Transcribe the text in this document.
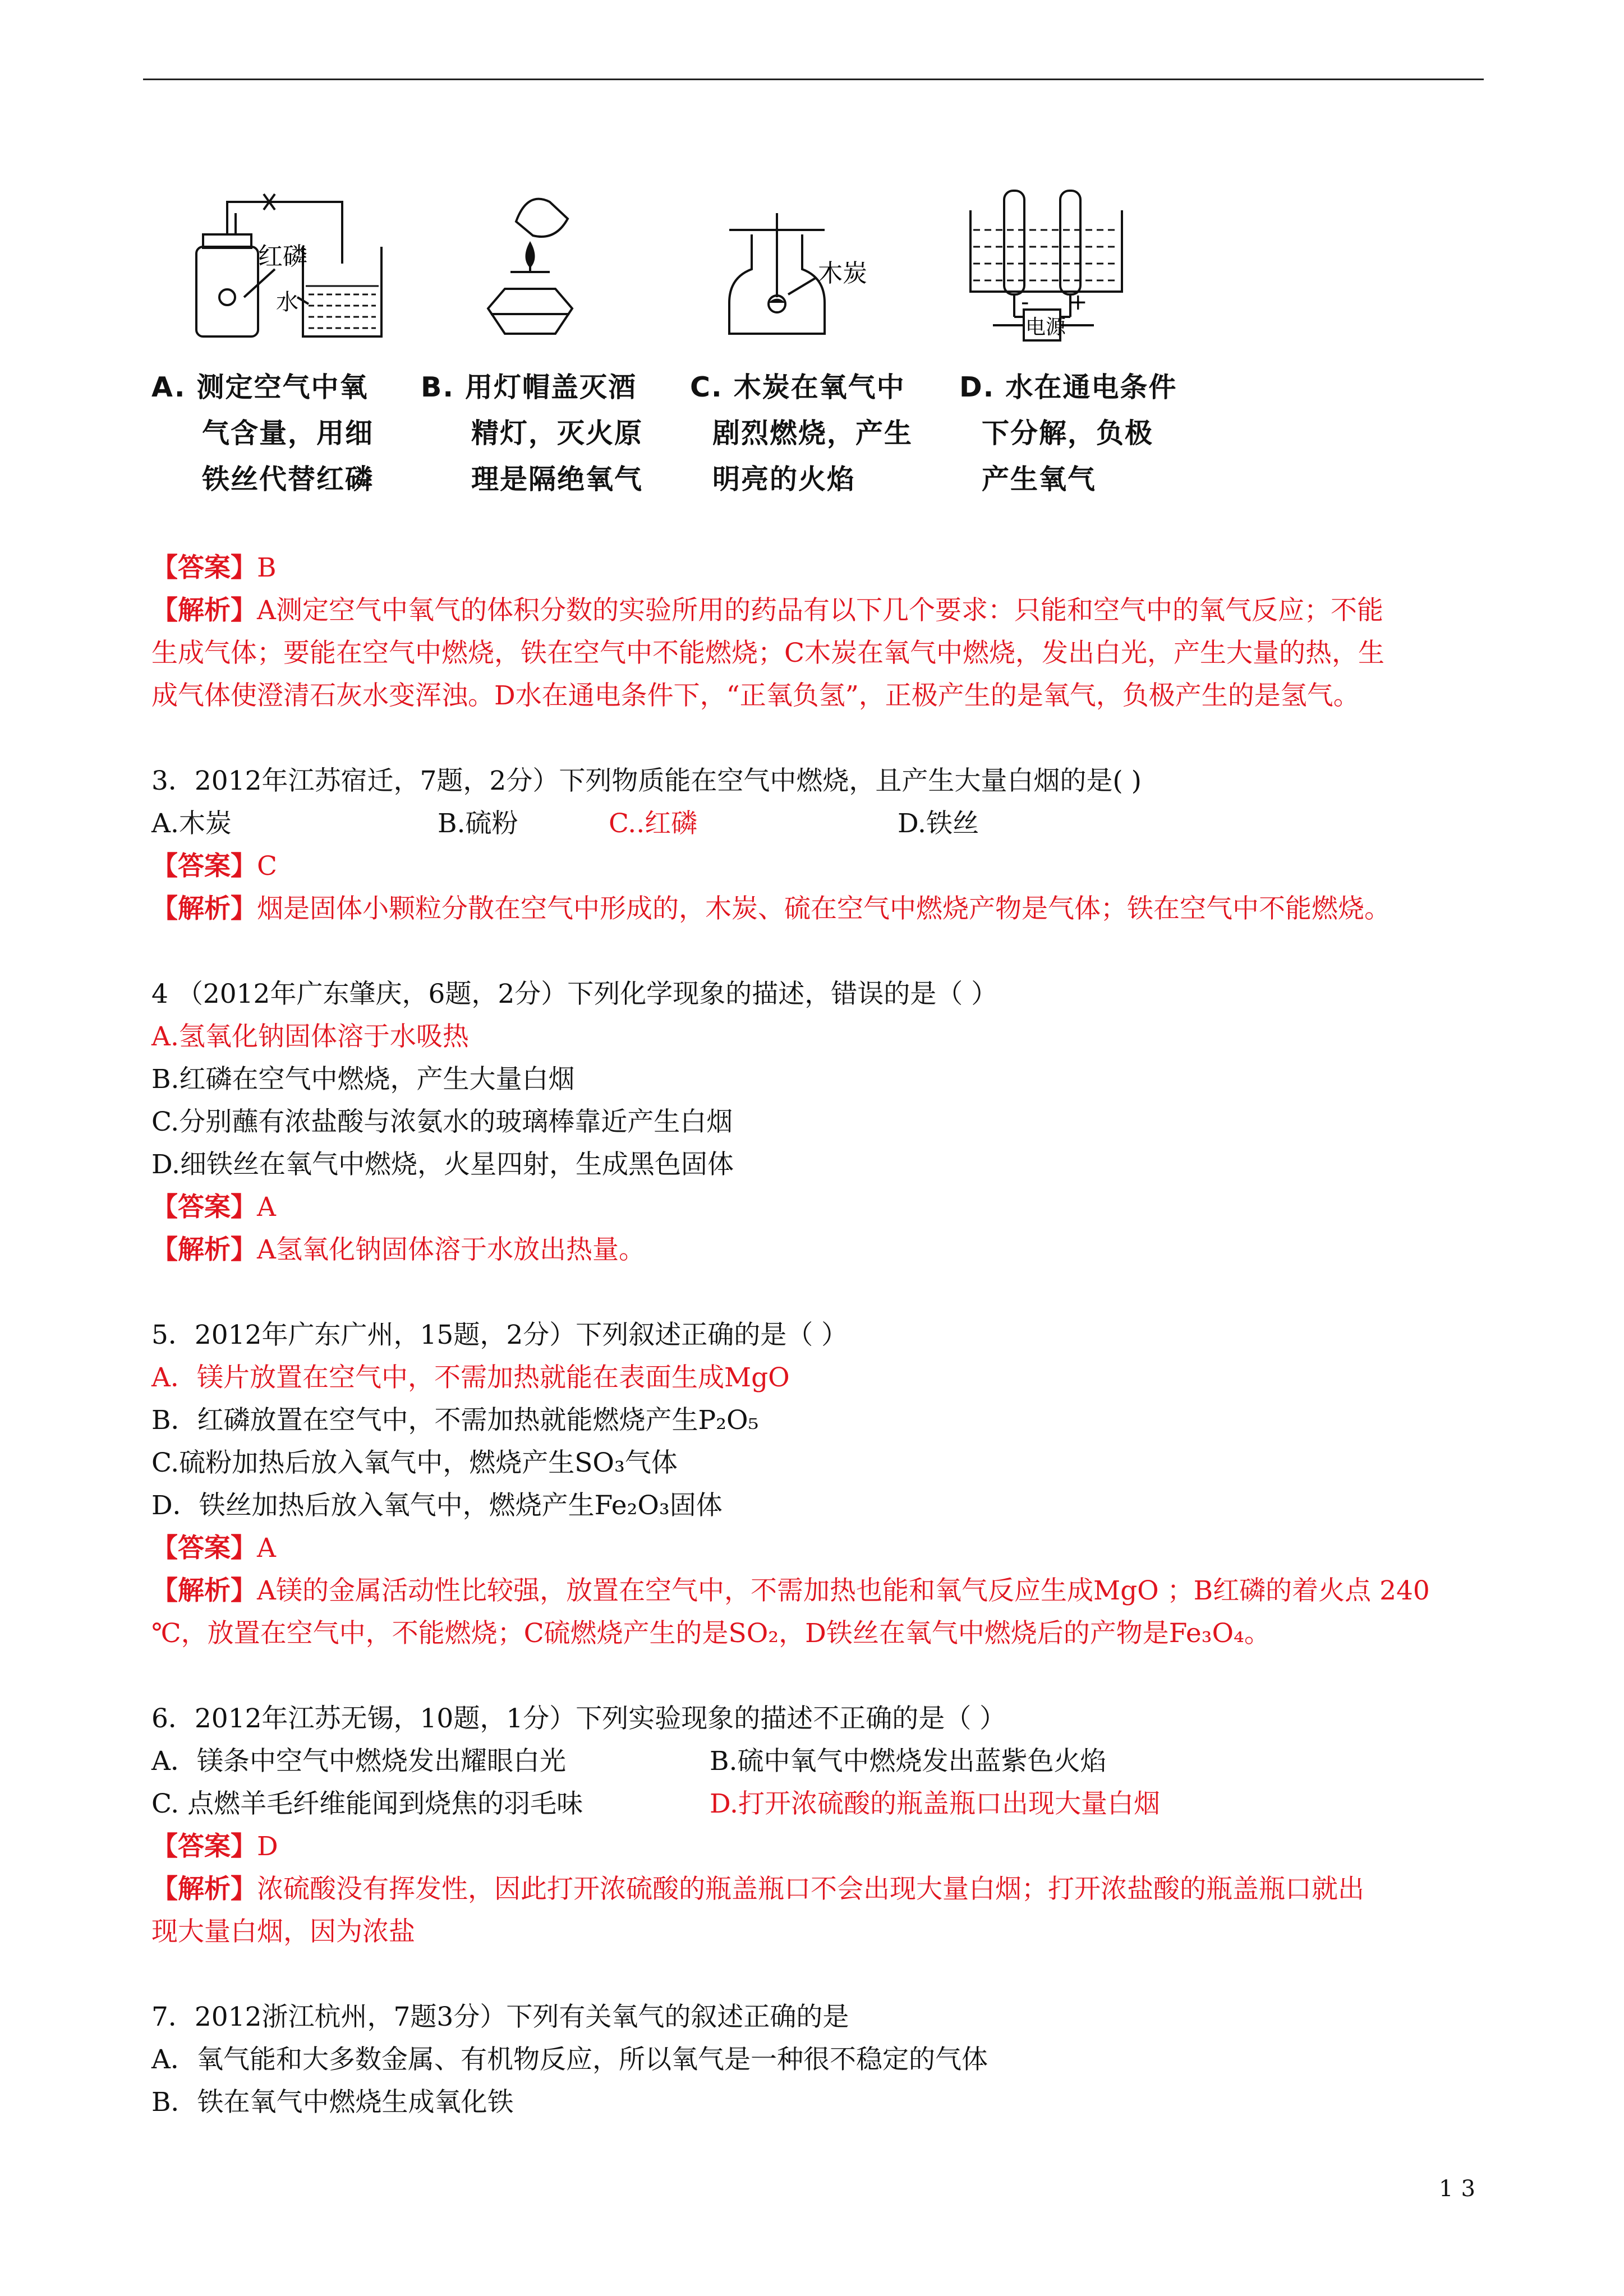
红磷
水
木炭
电源
- +
A. 测定空气中氧
气含量，用细
铁丝代替红磷
B. 用灯帽盖灭酒
精灯，灭火原
理是隔绝氧气
C. 木炭在氧气中
剧烈燃烧，产生
明亮的火焰
D. 水在通电条件
下分解，负极
产生氧气
【答案】B
【解析】A测定空气中氧气的体积分数的实验所用的药品有以下几个要求：只能和空气中的氧气反应；不能
生成气体；要能在空气中燃烧，铁在空气中不能燃烧；C木炭在氧气中燃烧，发出白光，产生大量的热，生
成气体使澄清石灰水变浑浊。D水在通电条件下，“正氧负氢”，正极产生的是氧气，负极产生的是氢气。
3．2012年江苏宿迁，7题，2分）下列物质能在空气中燃烧，且产生大量白烟的是( )
A.木炭	B.硫粉	C..红磷	D.铁丝
【答案】C
【解析】烟是固体小颗粒分散在空气中形成的，木炭、硫在空气中燃烧产物是气体；铁在空气中不能燃烧。
4 （2012年广东肇庆，6题，2分）下列化学现象的描述，错误的是（ ）
A.氢氧化钠固体溶于水吸热
B.红磷在空气中燃烧，产生大量白烟
C.分别蘸有浓盐酸与浓氨水的玻璃棒靠近产生白烟
D.细铁丝在氧气中燃烧，火星四射，生成黑色固体
【答案】A
【解析】A氢氧化钠固体溶于水放出热量。
5．2012年广东广州，15题，2分）下列叙述正确的是（ ）
A．镁片放置在空气中，不需加热就能在表面生成MgO
B．红磷放置在空气中，不需加热就能燃烧产生P₂O₅
C.硫粉加热后放入氧气中，燃烧产生SO₃气体
D．铁丝加热后放入氧气中，燃烧产生Fe₂O₃固体
【答案】A
【解析】A镁的金属活动性比较强，放置在空气中，不需加热也能和氧气反应生成MgO ；B红磷的着火点 240
℃，放置在空气中，不能燃烧；C硫燃烧产生的是SO₂，D铁丝在氧气中燃烧后的产物是Fe₃O₄。
6．2012年江苏无锡，10题，1分）下列实验现象的描述不正确的是（ ）
A．镁条中空气中燃烧发出耀眼白光	B.硫中氧气中燃烧发出蓝紫色火焰
C. 点燃羊毛纤维能闻到烧焦的羽毛味	D.打开浓硫酸的瓶盖瓶口出现大量白烟
【答案】D
【解析】浓硫酸没有挥发性，因此打开浓硫酸的瓶盖瓶口不会出现大量白烟；打开浓盐酸的瓶盖瓶口就出
现大量白烟，因为浓盐
7．2012浙江杭州，7题3分）下列有关氧气的叙述正确的是
A．氧气能和大多数金属、有机物反应，所以氧气是一种很不稳定的气体
B．铁在氧气中燃烧生成氧化铁
13
